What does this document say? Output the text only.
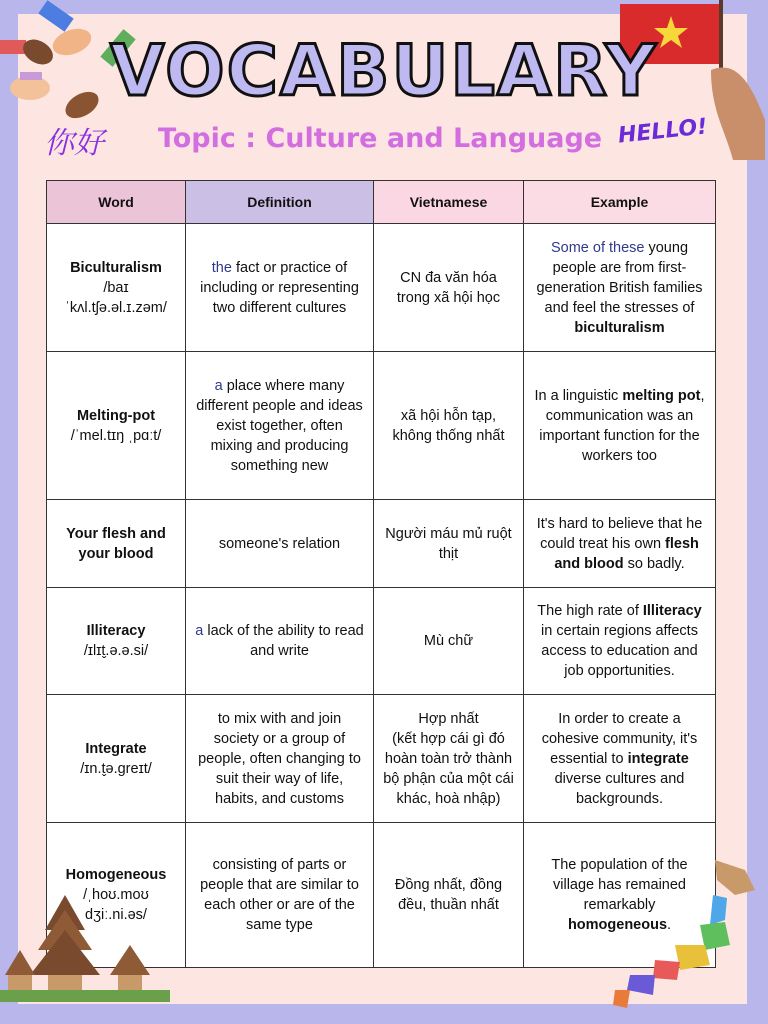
你好
VOCABULARY
Topic : Culture and Language HELLO!
Word	Definition	Vietnamese	Example

Biculturalism
/baɪˈkʌl.tʃə.əl.ɪ.zəm/	the fact or practice of including or representing two different cultures	CN đa văn hóa trong xã hội học	Some of these young people are from first-generation British families and feel the stresses of biculturalism

Melting-pot
/ˈmel.tɪŋ ˌpɑːt/	a place where many different people and ideas exist together, often mixing and producing something new	xã hội hỗn tạp, không thống nhất	In a linguistic melting pot, communication was an important function for the workers too

Your flesh and your blood	someone's relation	Người máu mủ ruột thịt	It's hard to believe that he could treat his own flesh and blood so badly.

Illiteracy
/ɪlɪt̬.ə.ə.si/	a lack of the ability to read and write	Mù chữ	The high rate of Illiteracy in certain regions affects access to education and job opportunities.

Integrate
/ɪn.t̬ə.ɡreɪt/	to mix with and join society or a group of people, often changing to suit their way of life, habits, and customs	Hợp nhất
(kết hợp cái gì đó hoàn toàn trở thành bộ phận của một cái khác, hoà nhập)	In order to create a cohesive community, it's essential to integrate diverse cultures and backgrounds.

Homogeneous
/ˌhoʊ.moʊ dʒiː.ni.əs/	consisting of parts or people that are similar to each other or are of the same type	Đồng nhất, đồng đều, thuần nhất	The population of the village has remained remarkably homogeneous.
